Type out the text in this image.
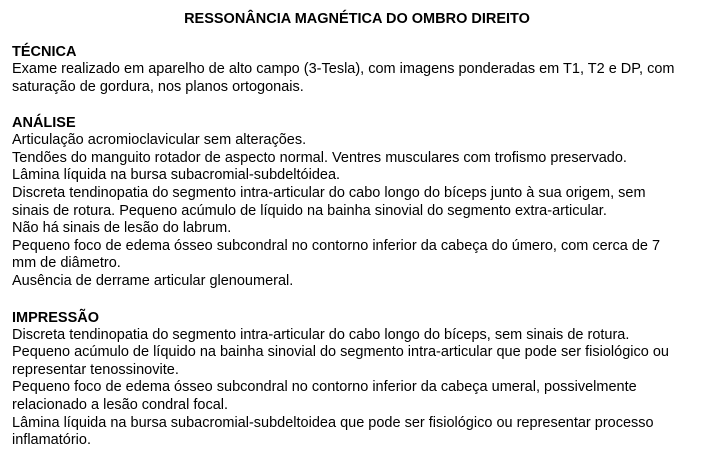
RESSONÂNCIA MAGNÉTICA DO OMBRO DIREITO
TÉCNICA
Exame realizado em aparelho de alto campo (3-Tesla), com imagens ponderadas em T1, T2 e DP, com
saturação de gordura, nos planos ortogonais.
ANÁLISE
Articulação acromioclavicular sem alterações.
Tendões do manguito rotador de aspecto normal. Ventres musculares com trofismo preservado.
Lâmina líquida na bursa subacromial-subdeltóidea.
Discreta tendinopatia do segmento intra-articular do cabo longo do bíceps junto à sua origem, sem
sinais de rotura. Pequeno acúmulo de líquido na bainha sinovial do segmento extra-articular.
Não há sinais de lesão do labrum.
Pequeno foco de edema ósseo subcondral no contorno inferior da cabeça do úmero, com cerca de 7
mm de diâmetro.
Ausência de derrame articular glenoumeral.
IMPRESSÃO
Discreta tendinopatia do segmento intra-articular do cabo longo do bíceps, sem sinais de rotura.
Pequeno acúmulo de líquido na bainha sinovial do segmento intra-articular que pode ser fisiológico ou
representar tenossinovite.
Pequeno foco de edema ósseo subcondral no contorno inferior da cabeça umeral, possivelmente
relacionado a lesão condral focal.
Lâmina líquida na bursa subacromial-subdeltoidea que pode ser fisiológico ou representar processo
inflamatório.
